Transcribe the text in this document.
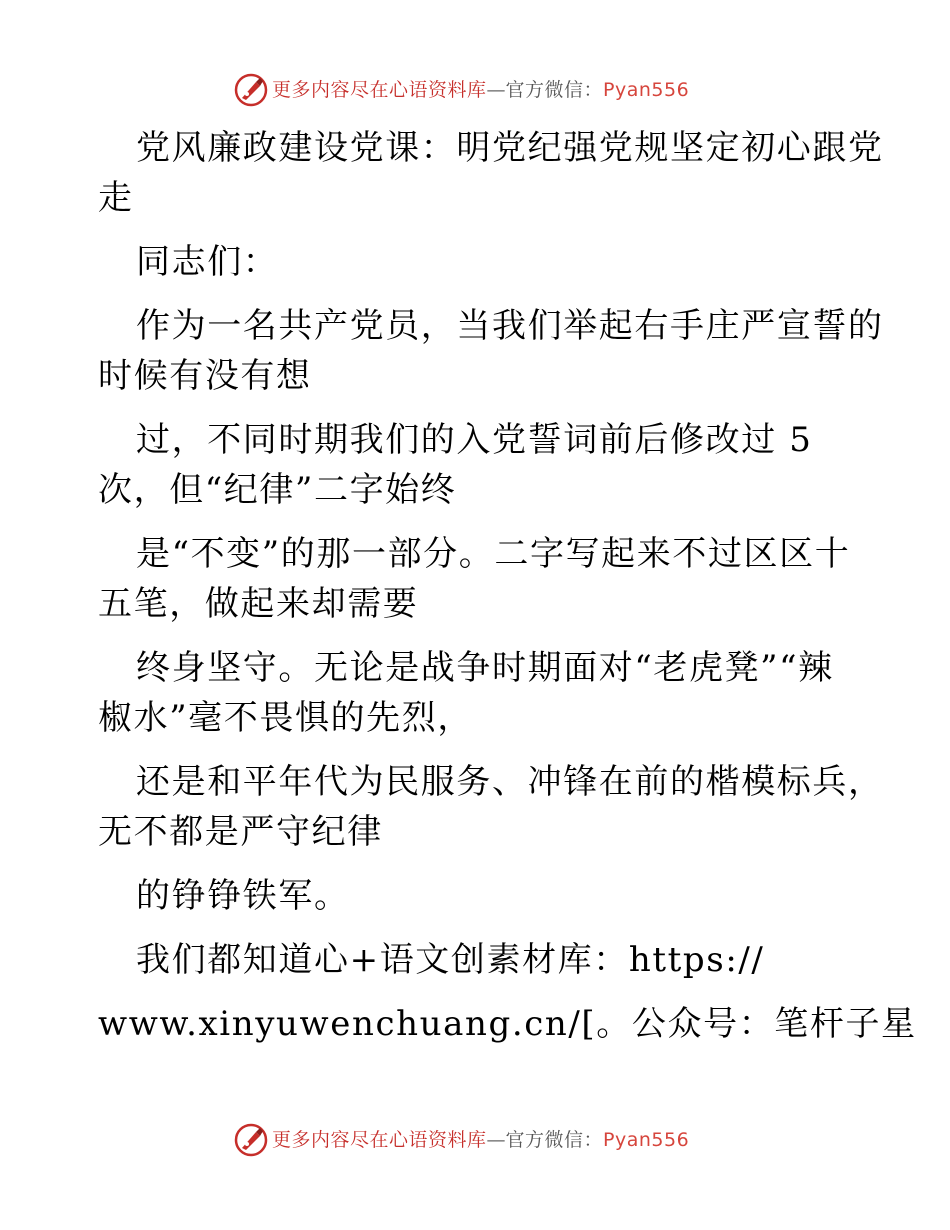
更多内容尽在心语资料库—官方微信：Pyan556
党风廉政建设党课：明党纪强党规坚定初心跟党
走
同志们：
作为一名共产党员，当我们举起右手庄严宣誓的
时候有没有想
过，不同时期我们的入党誓词前后修改过 5
次，但“纪律”二字始终
是“不变”的那一部分。二字写起来不过区区十
五笔，做起来却需要
终身坚守。无论是战争时期面对“老虎凳”“辣
椒水”毫不畏惧的先烈，
还是和平年代为民服务、冲锋在前的楷模标兵，
无不都是严守纪律
的铮铮铁军。
我们都知道心+语文创素材库：https://
www.xinyuwenchuang.cn/[。公众号：笔杆子星
更多内容尽在心语资料库—官方微信：Pyan556
